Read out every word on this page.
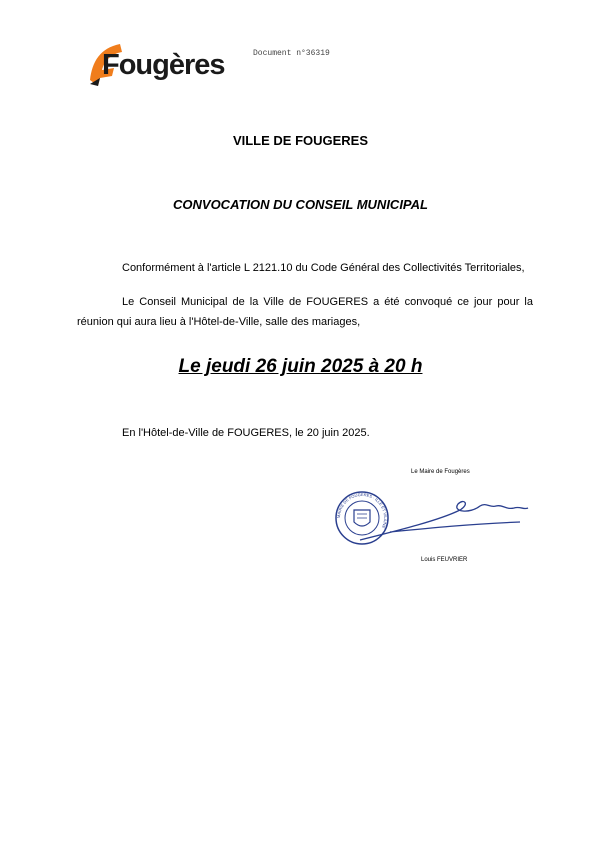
Fougères	Document n°36319
VILLE DE FOUGERES
CONVOCATION DU CONSEIL MUNICIPAL
Conformément à l'article L 2121.10 du Code Général des Collectivités Territoriales,
Le Conseil Municipal de la Ville de FOUGERES a été convoqué ce jour pour la
réunion qui aura lieu à l'Hôtel-de-Ville, salle des mariages,
Le jeudi 26 juin 2025 à 20 h
En l'Hôtel-de-Ville de FOUGERES, le 20 juin 2025.
Le Maire de Fougères
MAIRIE DE FOUGERES · ILLE ET VILAINE
Louis FEUVRIER
